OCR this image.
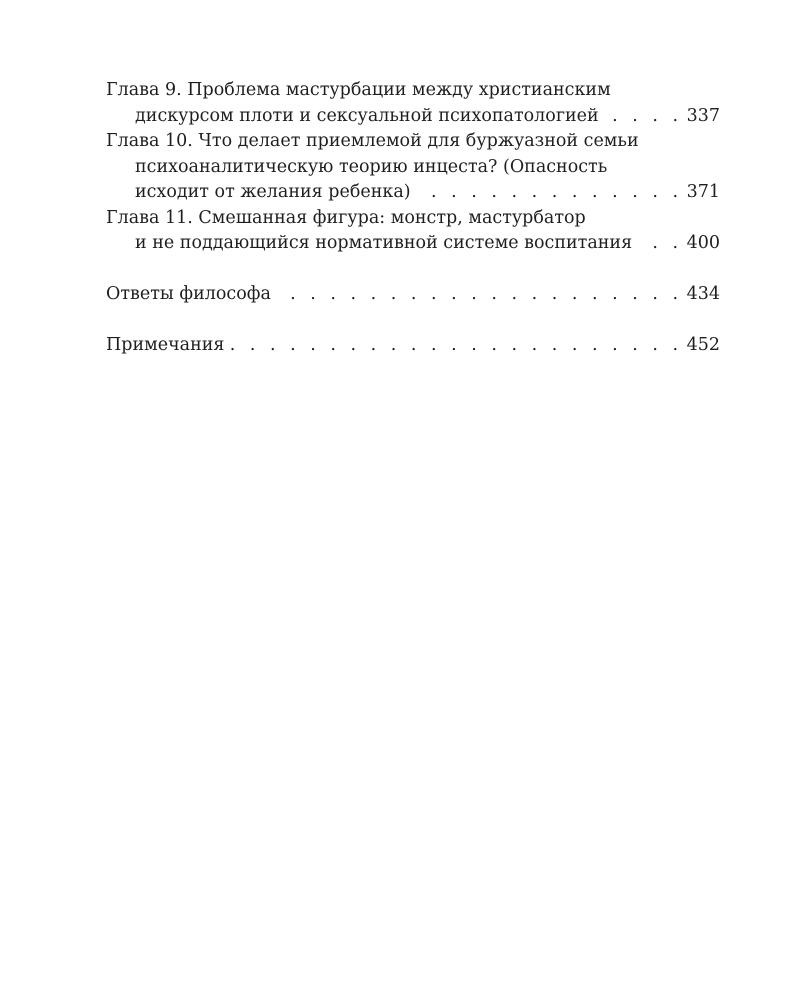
Глава 9. Проблема мастурбации между христианским
дискурсом плоти и сексуальной психопатологией . . .	337
Глава 10. Что делает приемлемой для буржуазной семьи
психоаналитическую теорию инцеста? (Опасность
исходит от желания ребенка) . . .	371
Глава 11. Смешанная фигура: монстр, мастурбатор
и не поддающийся нормативной системе воспитания . . .	400
Ответы философа . . .	434
Примечания . . .	452
